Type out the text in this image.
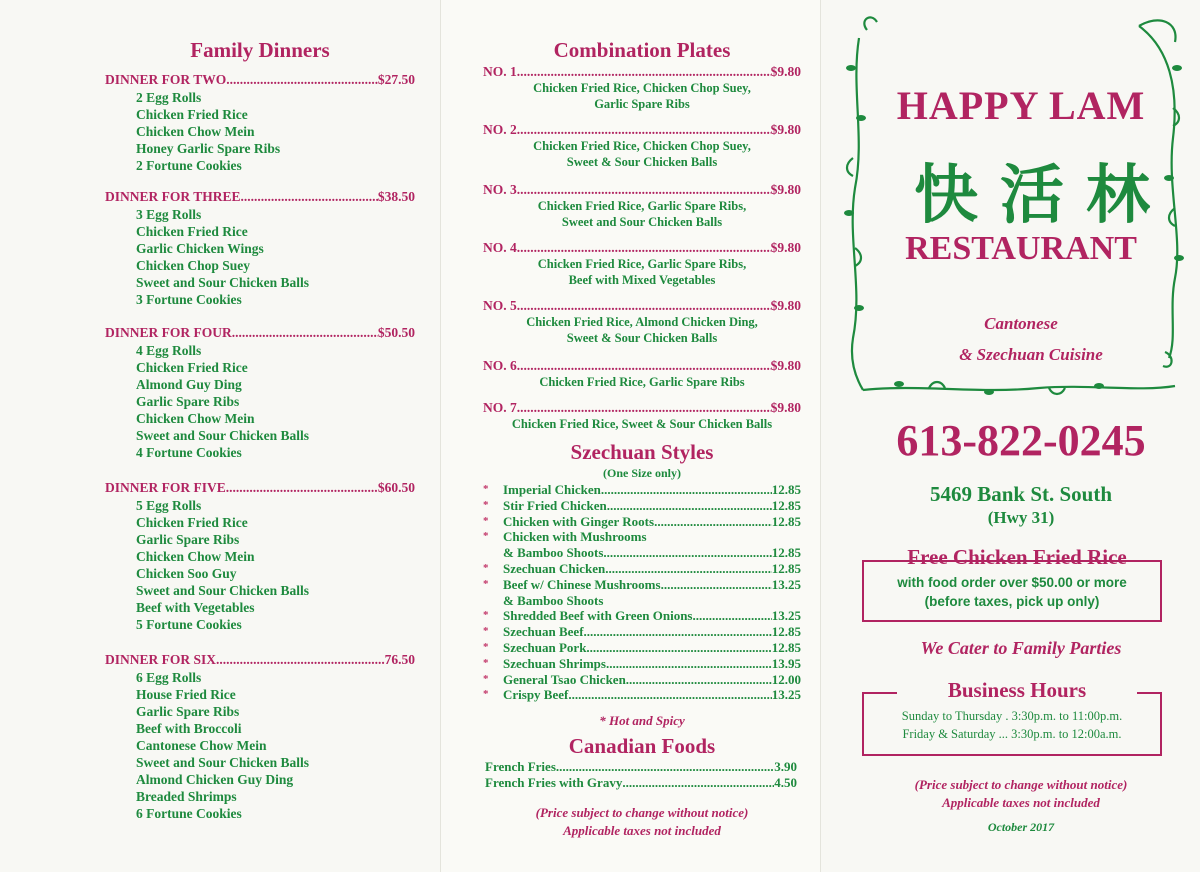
Family Dinners
DINNER FOR TWO .....	$27.50
2 Egg Rolls
Chicken Fried Rice
Chicken Chow Mein
Honey Garlic Spare Ribs
2 Fortune Cookies
DINNER FOR THREE .....	$38.50
3 Egg Rolls
Chicken Fried Rice
Garlic Chicken Wings
Chicken Chop Suey
Sweet and Sour Chicken Balls
3 Fortune Cookies
DINNER FOR FOUR .....	$50.50
4 Egg Rolls
Chicken Fried Rice
Almond Guy Ding
Garlic Spare Ribs
Chicken Chow Mein
Sweet and Sour Chicken Balls
4 Fortune Cookies
DINNER FOR FIVE .....	$60.50
5 Egg Rolls
Chicken Fried Rice
Garlic Spare Ribs
Chicken Chow Mein
Chicken Soo Guy
Sweet and Sour Chicken Balls
Beef with Vegetables
5 Fortune Cookies
DINNER FOR SIX .....	76.50
6 Egg Rolls
House Fried Rice
Garlic Spare Ribs
Beef with Broccoli
Cantonese Chow Mein
Sweet and Sour Chicken Balls
Almond Chicken Guy Ding
Breaded Shrimps
6 Fortune Cookies
Combination Plates
Szechuan Styles
(One Size only)
*	Imperial Chicken .....	12.85
*	Stir Fried Chicken .....	12.85
*	Chicken with Ginger Roots .....	12.85
*	Chicken with Mushrooms
& Bamboo Shoots .....	12.85
*	Szechuan Chicken .....	12.85
*	Beef w/ Chinese Mushrooms .....	13.25
& Bamboo Shoots
*	Shredded Beef with Green Onions .....	13.25
*	Szechuan Beef .....	12.85
*	Szechuan Pork .....	12.85
*	Szechuan Shrimps .....	13.95
*	General Tsao Chicken .....	12.00
*	Crispy Beef .....	13.25
* Hot and Spicy
Canadian Foods
French Fries .....	3.90
French Fries with Gravy .....	4.50
(Price subject to change without notice)
Applicable taxes not included
NO. 1 .....	$9.80
Chicken Fried Rice, Chicken Chop Suey,
Garlic Spare Ribs
NO. 2 .....	$9.80
Chicken Fried Rice, Chicken Chop Suey,
Sweet & Sour Chicken Balls
NO. 3 .....	$9.80
Chicken Fried Rice, Garlic Spare Ribs,
Sweet and Sour Chicken Balls
NO. 4 .....	$9.80
Chicken Fried Rice, Garlic Spare Ribs,
Beef with Mixed Vegetables
NO. 5 .....	$9.80
Chicken Fried Rice, Almond Chicken Ding,
Sweet & Sour Chicken Balls
NO. 6 .....	$9.80
Chicken Fried Rice, Garlic Spare Ribs
NO. 7 .....	$9.80
Chicken Fried Rice, Sweet & Sour Chicken Balls
HAPPY LAM
快活林
RESTAURANT
Cantonese
& Szechuan Cuisine
613-822-0245
5469 Bank St. South
(Hwy 31)
Free Chicken Fried Rice
with food order over $50.00 or more
(before taxes, pick up only)
We Cater to Family Parties
Business Hours
Sunday to Thursday . 3:30p.m. to 11:00p.m.
Friday & Saturday ... 3:30p.m. to 12:00a.m.
(Price subject to change without notice)
Applicable taxes not included
October 2017
